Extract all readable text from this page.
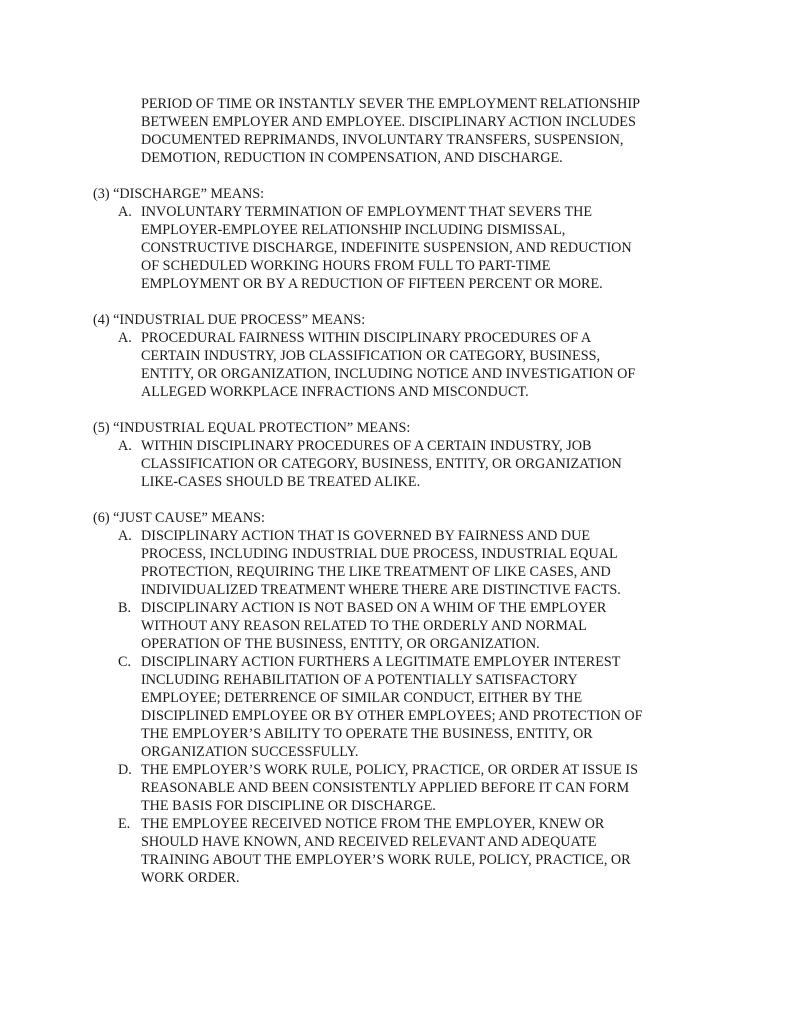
PERIOD OF TIME OR INSTANTLY SEVER THE EMPLOYMENT RELATIONSHIP
BETWEEN EMPLOYER AND EMPLOYEE. DISCIPLINARY ACTION INCLUDES
DOCUMENTED REPRIMANDS, INVOLUNTARY TRANSFERS, SUSPENSION,
DEMOTION, REDUCTION IN COMPENSATION, AND DISCHARGE.
(3) “DISCHARGE” MEANS:
A. INVOLUNTARY TERMINATION OF EMPLOYMENT THAT SEVERS THE
EMPLOYER-EMPLOYEE RELATIONSHIP INCLUDING DISMISSAL,
CONSTRUCTIVE DISCHARGE, INDEFINITE SUSPENSION, AND REDUCTION
OF SCHEDULED WORKING HOURS FROM FULL TO PART-TIME
EMPLOYMENT OR BY A REDUCTION OF FIFTEEN PERCENT OR MORE.
(4) “INDUSTRIAL DUE PROCESS” MEANS:
A. PROCEDURAL FAIRNESS WITHIN DISCIPLINARY PROCEDURES OF A
CERTAIN INDUSTRY, JOB CLASSIFICATION OR CATEGORY, BUSINESS,
ENTITY, OR ORGANIZATION, INCLUDING NOTICE AND INVESTIGATION OF
ALLEGED WORKPLACE INFRACTIONS AND MISCONDUCT.
(5) “INDUSTRIAL EQUAL PROTECTION” MEANS:
A. WITHIN DISCIPLINARY PROCEDURES OF A CERTAIN INDUSTRY, JOB
CLASSIFICATION OR CATEGORY, BUSINESS, ENTITY, OR ORGANIZATION
LIKE-CASES SHOULD BE TREATED ALIKE.
(6) “JUST CAUSE” MEANS:
A. DISCIPLINARY ACTION THAT IS GOVERNED BY FAIRNESS AND DUE
PROCESS, INCLUDING INDUSTRIAL DUE PROCESS, INDUSTRIAL EQUAL
PROTECTION, REQUIRING THE LIKE TREATMENT OF LIKE CASES, AND
INDIVIDUALIZED TREATMENT WHERE THERE ARE DISTINCTIVE FACTS.
B. DISCIPLINARY ACTION IS NOT BASED ON A WHIM OF THE EMPLOYER
WITHOUT ANY REASON RELATED TO THE ORDERLY AND NORMAL
OPERATION OF THE BUSINESS, ENTITY, OR ORGANIZATION.
C. DISCIPLINARY ACTION FURTHERS A LEGITIMATE EMPLOYER INTEREST
INCLUDING REHABILITATION OF A POTENTIALLY SATISFACTORY
EMPLOYEE; DETERRENCE OF SIMILAR CONDUCT, EITHER BY THE
DISCIPLINED EMPLOYEE OR BY OTHER EMPLOYEES; AND PROTECTION OF
THE EMPLOYER’S ABILITY TO OPERATE THE BUSINESS, ENTITY, OR
ORGANIZATION SUCCESSFULLY.
D. THE EMPLOYER’S WORK RULE, POLICY, PRACTICE, OR ORDER AT ISSUE IS
REASONABLE AND BEEN CONSISTENTLY APPLIED BEFORE IT CAN FORM
THE BASIS FOR DISCIPLINE OR DISCHARGE.
E. THE EMPLOYEE RECEIVED NOTICE FROM THE EMPLOYER, KNEW OR
SHOULD HAVE KNOWN, AND RECEIVED RELEVANT AND ADEQUATE
TRAINING ABOUT THE EMPLOYER’S WORK RULE, POLICY, PRACTICE, OR
WORK ORDER.
